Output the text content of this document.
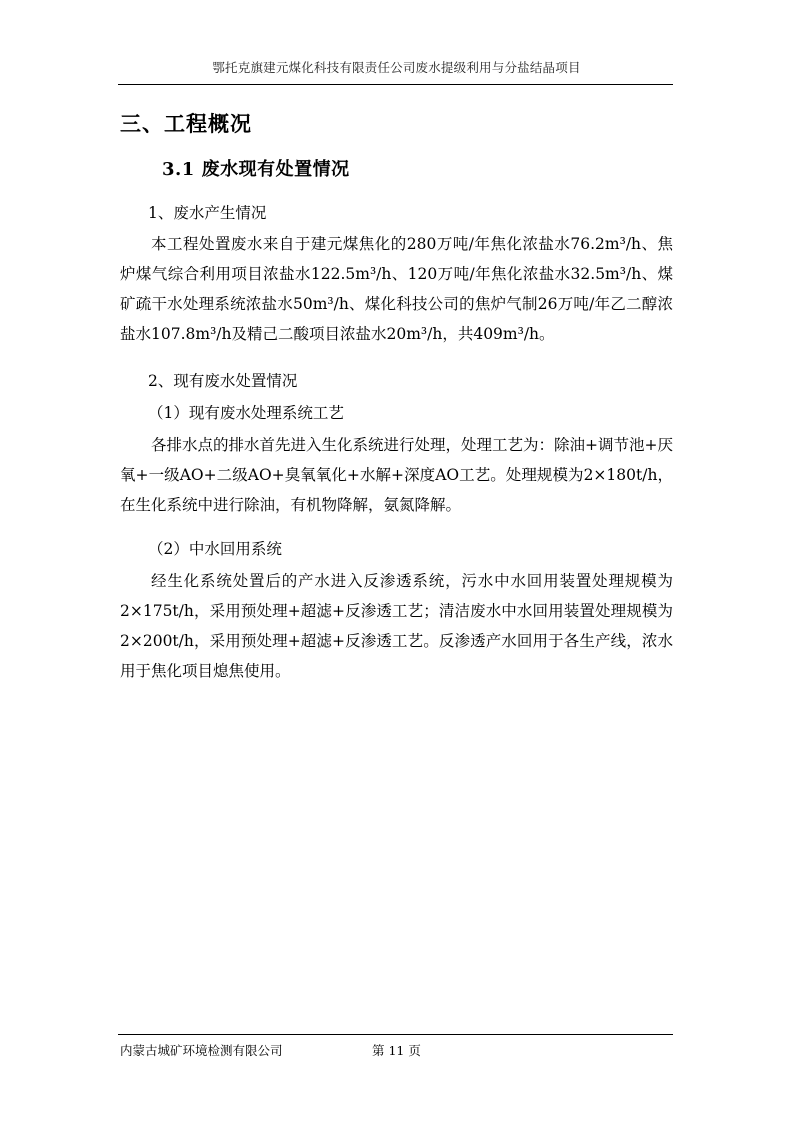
鄂托克旗建元煤化科技有限责任公司废水提级利用与分盐结晶项目
三、工程概况
3.1 废水现有处置情况
1、废水产生情况
本工程处置废水来自于建元煤焦化的280万吨/年焦化浓盐水76.2m³/h、焦炉煤气综合利用项目浓盐水122.5m³/h、120万吨/年焦化浓盐水32.5m³/h、煤矿疏干水处理系统浓盐水50m³/h、煤化科技公司的焦炉气制26万吨/年乙二醇浓盐水107.8m³/h及精己二酸项目浓盐水20m³/h，共409m³/h。
2、现有废水处置情况
（1）现有废水处理系统工艺
各排水点的排水首先进入生化系统进行处理，处理工艺为：除油+调节池+厌氧+一级AO+二级AO+臭氧氧化+水解+深度AO工艺。处理规模为2×180t/h，在生化系统中进行除油，有机物降解，氨氮降解。
（2）中水回用系统
经生化系统处置后的产水进入反渗透系统，污水中水回用装置处理规模为2×175t/h，采用预处理+超滤+反渗透工艺；清洁废水中水回用装置处理规模为2×200t/h，采用预处理+超滤+反渗透工艺。反渗透产水回用于各生产线，浓水用于焦化项目熄焦使用。
内蒙古城矿环境检测有限公司	第 11 页
